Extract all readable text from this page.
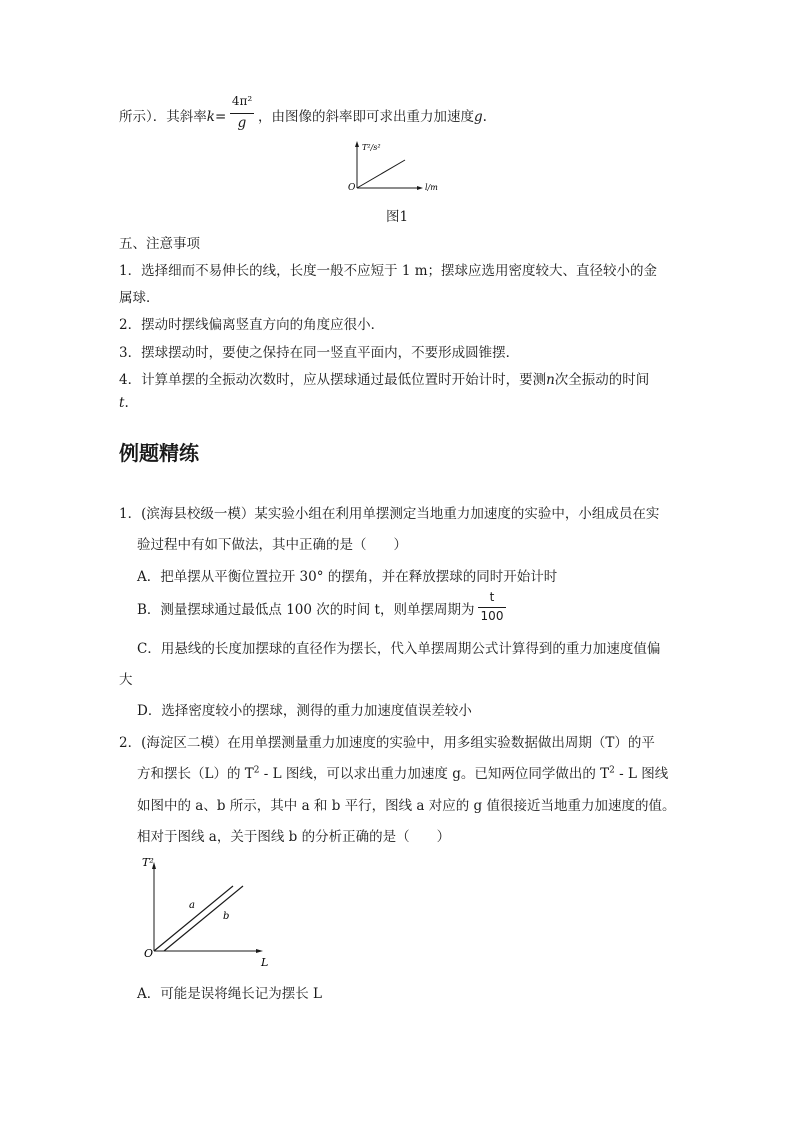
所示）．其斜率k=
4π²
g ，由图像的斜率即可求出重力加速度g.
T²/s²
l/m
O
图1
五、注意事项
1．选择细而不易伸长的线，长度一般不应短于 1 m；摆球应选用密度较大、直径较小的金
属球．
2．摆动时摆线偏离竖直方向的角度应很小．
3．摆球摆动时，要使之保持在同一竖直平面内，不要形成圆锥摆．
4．计算单摆的全振动次数时，应从摆球通过最低位置时开始计时，要测n次全振动的时间
t.
例题精练
1．(滨海县校级一模）某实验小组在利用单摆测定当地重力加速度的实验中，小组成员在实
验过程中有如下做法，其中正确的是（　　）
A．把单摆从平衡位置拉开 30° 的摆角，并在释放摆球的同时开始计时
B．测量摆球通过最低点 100 次的时间 t，则单摆周期为
t
100
C．用悬线的长度加摆球的直径作为摆长，代入单摆周期公式计算得到的重力加速度值偏
大
D．选择密度较小的摆球，测得的重力加速度值误差较小
2．(海淀区二模）在用单摆测量重力加速度的实验中，用多组实验数据做出周期（T）的平
方和摆长（L）的 $T^2$ - L 图线，可以求出重力加速度 g。已知两位同学做出的 $T^2$ - L 图线
如图中的 a、b 所示，其中 a 和 b 平行，图线 a 对应的 g 值很接近当地重力加速度的值。
相对于图线 a，关于图线 b 的分析正确的是（　　）
T²
L
O
a
b
A．可能是误将绳长记为摆长 L
